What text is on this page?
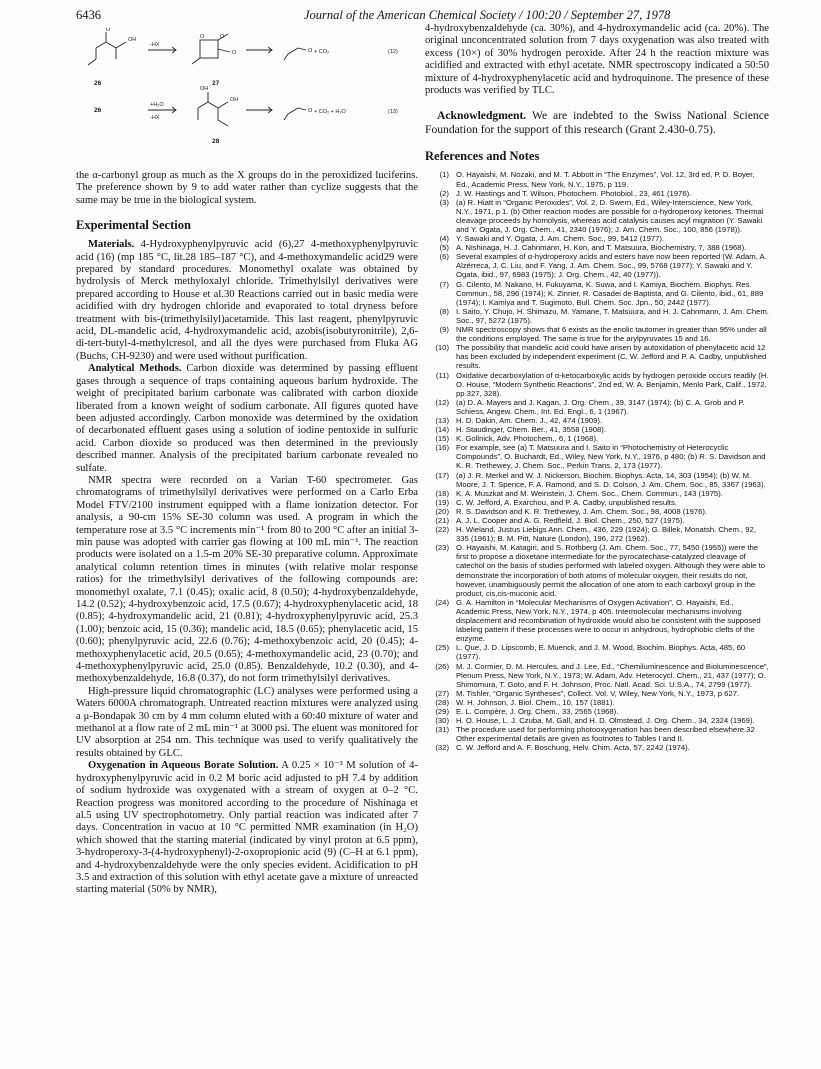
6436	Journal of the American Chemical Society / 100:20 / September 27, 1978
OH
O
O	O
O	O
OH
OH
O
-HX
+ CO₂	(12)
+H₂O
-HX
+ CO₂ + H₂O	(13)
26	27
26
28

the α-carbonyl group as much as the X groups do in the peroxidized luciferins. The preference shown by 9 to add water rather than cyclize suggests that the same may be true in the biological system.

Experimental Section

Materials. 4-Hydroxyphenylpyruvic acid (6),27 4-methoxyphenylpyruvic acid (16) (mp 185 °C, lit.28 185–187 °C), and 4-methoxymandelic acid29 were prepared by standard procedures. Monomethyl oxalate was obtained by hydrolysis of Merck methyloxalyl chloride. Trimethylsilyl derivatives were prepared according to House et al.30 Reactions carried out in basic media were acidified with dry hydrogen chloride and evaporated to total dryness before treatment with bis-(trimethylsilyl)acetamide. This last reagent, phenylpyruvic acid, DL-mandelic acid, 4-hydroxymandelic acid, azobis(isobutyronitrile), 2,6-di-tert-butyl-4-methylcresol, and all the dyes were purchased from Fluka AG (Buchs, CH-9230) and were used without purification.

Analytical Methods. Carbon dioxide was determined by passing effluent gases through a sequence of traps containing aqueous barium hydroxide. The weight of precipitated barium carbonate was calibrated with carbon dioxide liberated from a known weight of sodium carbonate. All figures quoted have been adjusted accordingly. Carbon monoxide was determined by the oxidation of decarbonated effluent gases using a solution of iodine pentoxide in sulfuric acid. Carbon dioxide so produced was then determined in the previously described manner. Analysis of the precipitated barium carbonate revealed no sulfate.

NMR spectra were recorded on a Varian T-60 spectrometer. Gas chromatograms of trimethylsilyl derivatives were performed on a Carlo Erba Model FTV/2100 instrument equipped with a flame ionization detector. For analysis, a 90-cm 15% SE-30 column was used. A program in which the temperature rose at 3.5 °C increments min⁻¹ from 80 to 200 °C after an initial 3-min pause was adopted with carrier gas flowing at 100 mL min⁻¹. The reaction products were isolated on a 1.5-m 20% SE-30 preparative column. Approximate analytical column retention times in minutes (with relative molar response ratios) for the trimethylsilyl derivatives of the following compounds are: monomethyl oxalate, 7.1 (0.45); oxalic acid, 8 (0.50); 4-hydroxybenzaldehyde, 14.2 (0.52); 4-hydroxybenzoic acid, 17.5 (0.67); 4-hydroxyphenylacetic acid, 18 (0.85); 4-hydroxymandelic acid, 21 (0.81); 4-hydroxyphenylpyruvic acid, 25.3 (1.00); benzoic acid, 15 (0.36); mandelic acid, 18.5 (0.65); phenylacetic acid, 15 (0.60); phenylpyruvic acid, 22.6 (0.76); 4-methoxybenzoic acid, 20 (0.45); 4-methoxyphenylacetic acid, 20.5 (0.65); 4-methoxymandelic acid, 23 (0.70); and 4-methoxyphenylpyruvic acid, 25.0 (0.85). Benzaldehyde, 10.2 (0.30), and 4-methoxybenzaldehyde, 16.8 (0.37), do not form trimethylsilyl derivatives.

High-pressure liquid chromatographic (LC) analyses were performed using a Waters 6000A chromatograph. Untreated reaction mixtures were analyzed using a μ-Bondapak 30 cm by 4 mm column eluted with a 60:40 mixture of water and methanol at a flow rate of 2 mL min⁻¹ at 3000 psi. The eluent was monitored for UV absorption at 254 nm. This technique was used to verify qualitatively the results obtained by GLC.

Oxygenation in Aqueous Borate Solution. A 0.25 × 10⁻³ M solution of 4-hydroxyphenylpyruvic acid in 0.2 M boric acid adjusted to pH 7.4 by addition of sodium hydroxide was oxygenated with a stream of oxygen at 0–2 °C. Reaction progress was monitored according to the procedure of Nishinaga et al.5 using UV spectrophotometry. Only partial reaction was indicated after 7 days. Concentration in vacuo at 10 °C permitted NMR examination (in H₂O) which showed that the starting material (indicated by vinyl proton at 6.5 ppm), 3-hydroperoxy-3-(4-hydroxyphenyl)-2-oxopropionic acid (9) (C–H at 6.1 ppm), and 4-hydroxybenzaldehyde were the only species evident. Acidification to pH 3.5 and extraction of this solution with ethyl acetate gave a mixture of unreacted starting material (50% by NMR),

4-hydroxybenzaldehyde (ca. 30%), and 4-hydroxymandelic acid (ca. 20%). The original unconcentrated solution from 7 days oxygenation was also treated with excess (10×) of 30% hydrogen peroxide. After 24 h the reaction mixture was acidified and extracted with ethyl acetate. NMR spectroscopy indicated a 50:50 mixture of 4-hydroxyphenylacetic acid and hydroquinone. The presence of these products was verified by TLC.

Acknowledgment. We are indebted to the Swiss National Science Foundation for the support of this research (Grant 2.430-0.75).

References and Notes
(1) O. Hayaishi, M. Nozaki, and M. T. Abbott in “The Enzymes”, Vol. 12, 3rd ed, P. D. Boyer, Ed., Academic Press, New York, N.Y., 1975, p 119.
(2) J. W. Hastings and T. Wilson, Photochem. Photobiol., 23, 461 (1976).
(3) (a) R. Hiatt in “Organic Peroxides”, Vol. 2, D. Swern, Ed., Wiley-Interscience, New York, N.Y., 1971, p 1. (b) Other reaction modes are possible for α-hydroperoxy ketones. Thermal cleavage proceeds by homolysis, whereas acid catalysis causes acyl migration (Y. Sawaki and Y. Ogata, J. Org. Chem., 41, 2340 (1976); J. Am. Chem. Soc., 100, 856 (1978)).
(4) Y. Sawaki and Y. Ogata, J. Am. Chem. Soc., 99, 5412 (1977).
(5) A. Nishinaga, H. J. Cahnmann, H. Kon, and T. Matsuura, Biochemistry, 7, 388 (1968).
(6) Several examples of α-hydroperoxy acids and esters have now been reported (W. Adam, A. Alzérreca, J. C. Liu, and F. Yang, J. Am. Chem. Soc., 99, 5768 (1977); Y. Sawaki and Y. Ogata, ibid., 97, 6983 (1975); J. Org. Chem., 42, 40 (1977)).
(7) G. Cilento, M. Nakano, H. Fukuyama, K. Suwa, and I. Kamiya, Biochem. Biophys. Res. Commun., 58, 296 (1974); K. Zinner, R. Casadei de Baptista, and G. Cilento, ibid., 61, 889 (1974); I. Kamiya and T. Sugimoto, Bull. Chem. Soc. Jpn., 50, 2442 (1977).
(8) I. Saito, Y. Chujo, H. Shimazu, M. Yamane, T. Matsuura, and H. J. Cahnmann, J. Am. Chem. Soc., 97, 5272 (1975).
(9) NMR spectroscopy shows that 6 exists as the enolic tautomer in greater than 95% under all the conditions employed. The same is true for the arylpyruvates 15 and 16.
(10) The possibility that mandelic acid could have arisen by autoxidation of phenylacetic acid 12 has been excluded by independent experiment (C. W. Jefford and P. A. Cadby, unpublished results.
(11) Oxidative decarboxylation of α-ketocarboxylic acids by hydrogen peroxide occurs readily (H. O. House, “Modern Synthetic Reactions”, 2nd ed, W. A. Benjamin, Menlo Park, Calif., 1972, pp 327, 328).
(12) (a) D. A. Mayers and J. Kagan, J. Org. Chem., 39, 3147 (1974); (b) C. A. Grob and P. Schiess, Angew. Chem., Int. Ed. Engl., 6, 1 (1967).
(13) H. D. Dakin, Am. Chem. J., 42, 474 (1909).
(14) H. Staudinger, Chem. Ber., 41, 3558 (1908).
(15) K. Gollnick, Adv. Photochem., 6, 1 (1968).
(16) For example, see (a) T. Matsuura and I. Saito in “Photochemistry of Heterocyclic Compounds”, O. Buchardt, Ed., Wiley, New York, N.Y., 1976, p 480; (b) R. S. Davidson and K. R. Trethewey, J. Chem. Soc., Perkin Trans. 2, 173 (1977).
(17) (a) J. R. Merkel and W. J. Nickerson, Biochim. Biophys. Acta, 14, 303 (1954); (b) W. M. Moore, J. T. Spence, F. A. Ramond, and S. D. Colson, J. Am. Chem. Soc., 85, 3367 (1963).
(18) K. A. Muszkat and M. Weinstein, J. Chem. Soc., Chem. Commun., 143 (1975).
(19) C. W. Jefford, A. Exarchou, and P. A. Cadby, unpublished results.
(20) R. S. Davidson and K. R. Trethewey, J. Am. Chem. Soc., 98, 4008 (1976).
(21) A. J. L. Cooper and A. G. Redfield, J. Biol. Chem., 250, 527 (1975).
(22) H. Wieland, Justus Liebigs Ann. Chem., 436, 229 (1924); G. Billek, Monatsh. Chem., 92, 335 (1961); B. M. Pitt, Nature (London), 196, 272 (1962).
(23) O. Hayaishi, M. Katagiri, and S. Rothberg (J. Am. Chem. Soc., 77, 5450 (1955)) were the first to propose a dioxetane intermediate for the pyrocatechase-catalyzed cleavage of catechol on the basis of studies performed with labeled oxygen. Although they were able to demonstrate the incorporation of both atoms of molecular oxygen, their results do not, however, unambiguously permit the allocation of one atom to each carboxyl group in the product, cis,cis-muconic acid.
(24) G. A. Hamilton in “Molecular Mechanisms of Oxygen Activation”, O. Hayaishi, Ed., Academic Press, New York, N.Y., 1974, p 405. Intermolecular mechanisms involving displacement and recombination of hydroxide would also be consistent with the supposed labeling pattern if these processes were to occur in anhydrous, hydrophobic clefts of the enzyme.
(25) L. Que, J. D. Lipscomb, E. Muenck, and J. M. Wood, Biochim. Biophys. Acta, 485, 60 (1977).
(26) M. J. Cormier, D. M. Hercules, and J. Lee, Ed., “Chemiluminescence and Bioluminescence”, Plenum Press, New York, N.Y., 1973; W. Adam, Adv. Heterocycl. Chem., 21, 437 (1977); O. Shimomura, T. Goto, and F. H. Johnson, Proc. Natl. Acad. Sci. U.S.A., 74, 2799 (1977).
(27) M. Tishler, “Organic Syntheses”, Collect. Vol. V, Wiley, New York, N.Y., 1973, p 627.
(28) W. H. Johnson, J. Biol. Chem., 10, 157 (1881).
(29) E. L. Compère, J. Org. Chem., 33, 2565 (1968).
(30) H. O. House, L. J. Czuba, M. Gall, and H. D. Olmstead, J. Org. Chem., 34, 2324 (1969).
(31) The procedure used for performing photooxygenation has been described elsewhere.32 Other experimental details are given as footnotes to Tables I and II.
(32) C. W. Jefford and A. F. Boschung, Helv. Chim. Acta, 57, 2242 (1974).
